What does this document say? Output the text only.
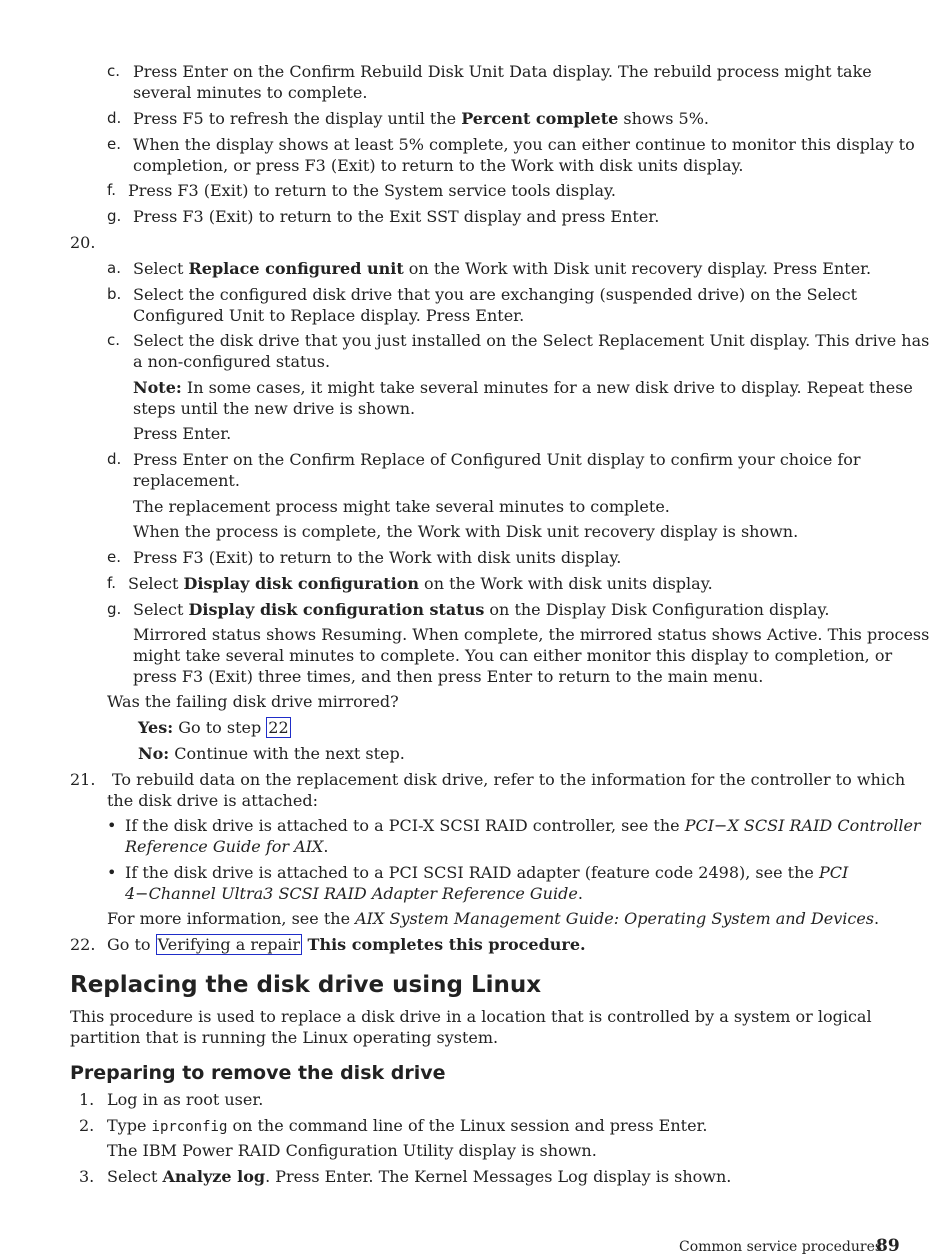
c. Press Enter on the Confirm Rebuild Disk Unit Data display. The rebuild process might take
several minutes to complete.
d. Press F5 to refresh the display until the Percent complete shows 5%.
e. When the display shows at least 5% complete, you can either continue to monitor this display to
completion, or press F3 (Exit) to return to the Work with disk units display.
f. Press F3 (Exit) to return to the System service tools display.
g. Press F3 (Exit) to return to the Exit SST display and press Enter.
20.
a. Select Replace configured unit on the Work with Disk unit recovery display. Press Enter.
b. Select the configured disk drive that you are exchanging (suspended drive) on the Select
Configured Unit to Replace display. Press Enter.
c. Select the disk drive that you just installed on the Select Replacement Unit display. This drive has
a non-configured status.
Note: In some cases, it might take several minutes for a new disk drive to display. Repeat these
steps until the new drive is shown.
Press Enter.
d. Press Enter on the Confirm Replace of Configured Unit display to confirm your choice for
replacement.
The replacement process might take several minutes to complete.
When the process is complete, the Work with Disk unit recovery display is shown.
e. Press F3 (Exit) to return to the Work with disk units display.
f. Select Display disk configuration on the Work with disk units display.
g. Select Display disk configuration status on the Display Disk Configuration display.
Mirrored status shows Resuming. When complete, the mirrored status shows Active. This process
might take several minutes to complete. You can either monitor this display to completion, or
press F3 (Exit) three times, and then press Enter to return to the main menu.
Was the failing disk drive mirrored?
Yes: Go to step 22
No: Continue with the next step.
21. To rebuild data on the replacement disk drive, refer to the information for the controller to which
the disk drive is attached:
• If the disk drive is attached to a PCI-X SCSI RAID controller, see the PCI−X SCSI RAID Controller
Reference Guide for AIX.
• If the disk drive is attached to a PCI SCSI RAID adapter (feature code 2498), see the PCI
4−Channel Ultra3 SCSI RAID Adapter Reference Guide.
For more information, see the AIX System Management Guide: Operating System and Devices.
22. Go to Verifying a repair This completes this procedure.
Replacing the disk drive using Linux
This procedure is used to replace a disk drive in a location that is controlled by a system or logical
partition that is running the Linux operating system.
Preparing to remove the disk drive
1. Log in as root user.
2. Type iprconfig on the command line of the Linux session and press Enter.
The IBM Power RAID Configuration Utility display is shown.
3. Select Analyze log. Press Enter. The Kernel Messages Log display is shown.
Common service procedures
89
